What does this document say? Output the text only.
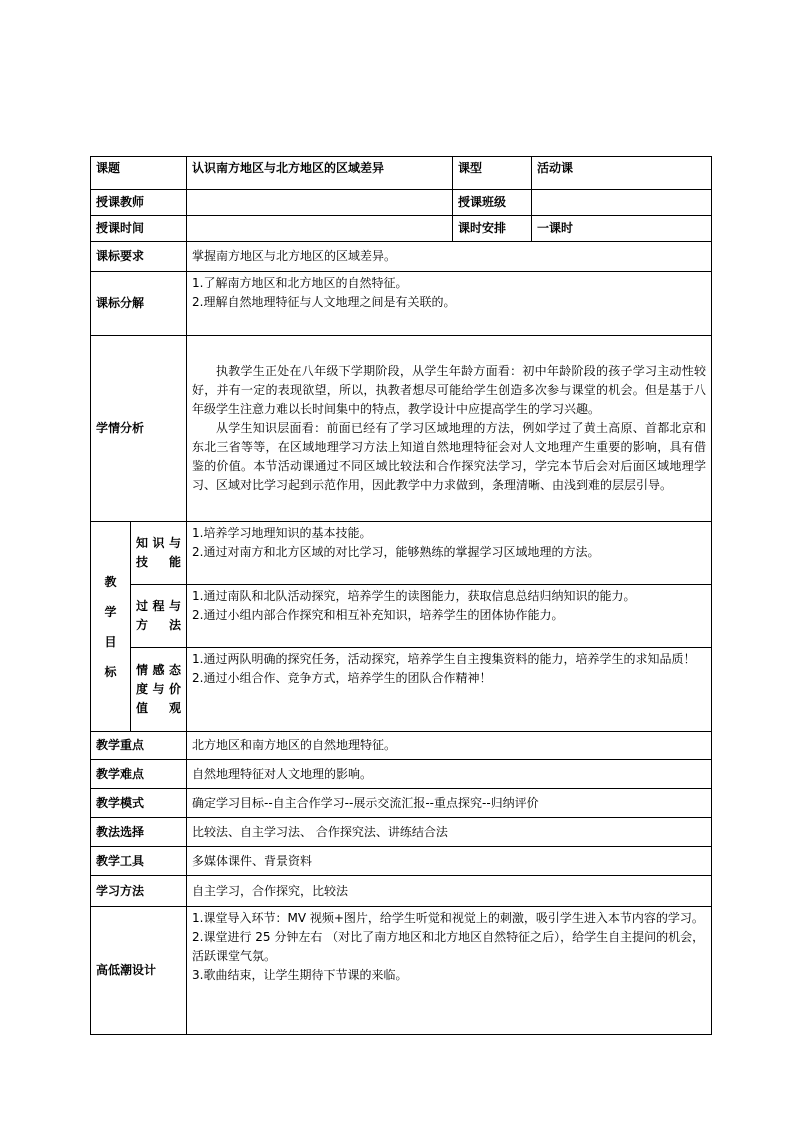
课题		认识南方地区与北方地区的区域差异	课型	活动课
授课教师			授课班级	
授课时间			课时安排	一课时
课标要求		掌握南方地区与北方地区的区域差异。		
课标分解		1.了解南方地区和北方地区的自然特征。
2.理解自然地理特征与人文地理之间是有关联的。		

学情分析		执教学生正处在八年级下学期阶段，从学生年龄方面看：初中年龄阶段的孩子学习主动性较好，并有一定的表现欲望，所以，执教者想尽可能给学生创造多次参与课堂的机会。但是基于八年级学生注意力难以长时间集中的特点，教学设计中应提高学生的学习兴趣。
从学生知识层面看：前面已经有了学习区域地理的方法，例如学过了黄土高原、首都北京和东北三省等等，在区域地理学习方法上知道自然地理特征会对人文地理产生重要的影响，具有借鉴的价值。本节活动课通过不同区域比较法和合作探究法学习，学完本节后会对后面区域地理学习、区域对比学习起到示范作用，因此教学中力求做到，条理清晰、由浅到难的层层引导。		

教
学
目
标	知识与技能	1.培养学习地理知识的基本技能。
2.通过对南方和北方区域的对比学习，能够熟练的掌握学习区域地理的方法。		

	过程与方法	1.通过南队和北队活动探究，培养学生的读图能力，获取信息总结归纳知识的能力。
2.通过小组内部合作探究和相互补充知识，培养学生的团体协作能力。		

	情感态度与价值观	1.通过两队明确的探究任务，活动探究，培养学生自主搜集资料的能力，培养学生的求知品质！
2.通过小组合作、竞争方式，培养学生的团队合作精神！		

教学重点		北方地区和南方地区的自然地理特征。		
教学难点		自然地理特征对人文地理的影响。		
教学模式		确定学习目标--自主合作学习--展示交流汇报--重点探究--归纳评价		
教法选择		比较法、自主学习法、 合作探究法、讲练结合法		
教学工具		多媒体课件、背景资料		
学习方法		自主学习，合作探究，比较法		
高低潮设计		1.课堂导入环节：MV 视频+图片，给学生听觉和视觉上的刺激，吸引学生进入本节内容的学习。
2.课堂进行 25 分钟左右 （对比了南方地区和北方地区自然特征之后），给学生自主提问的机会，活跃课堂气氛。
3.歌曲结束，让学生期待下节课的来临。		
